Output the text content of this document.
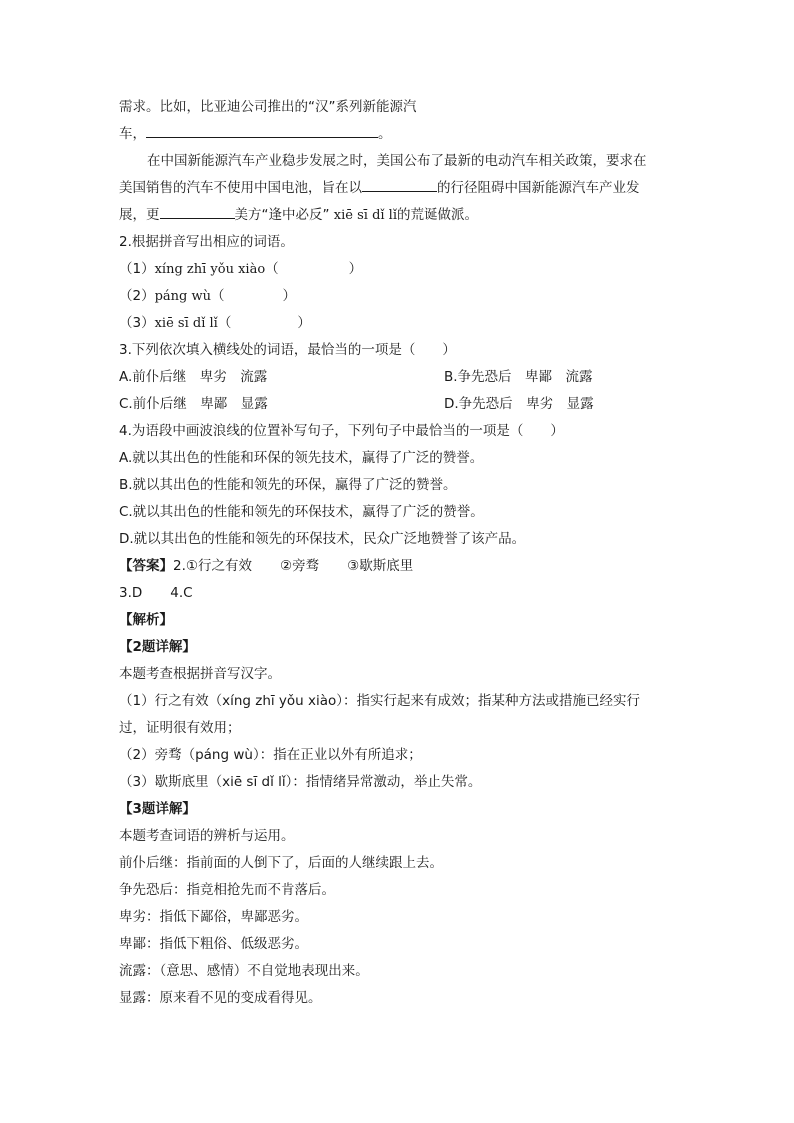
需求。比如，比亚迪公司推出的“汉”系列新能源汽
车，	。
在中国新能源汽车产业稳步发展之时，美国公布了最新的电动汽车相关政策，要求在
美国销售的汽车不使用中国电池，旨在以	的行径阻碍中国新能源汽车产业发
展，更	美方“逢中必反” xiē sī dǐ lǐ的荒诞做派。
2.根据拼音写出相应的词语。
（1）xíng zhī yǒu xiào（	）
（2）páng wù（	）
（3）xiē sī dǐ lǐ（	）
3.下列依次填入横线处的词语，最恰当的一项是（　　）
A.前仆后继　卑劣　流露	B.争先恐后　卑鄙　流露
C.前仆后继　卑鄙　显露	D.争先恐后　卑劣　显露
4.为语段中画波浪线的位置补写句子，下列句子中最恰当的一项是（　　）
A.就以其出色的性能和环保的领先技术，赢得了广泛的赞誉。
B.就以其出色的性能和领先的环保，赢得了广泛的赞誉。
C.就以其出色的性能和领先的环保技术，赢得了广泛的赞誉。
D.就以其出色的性能和领先的环保技术，民众广泛地赞誉了该产品。
【答案】2.①行之有效 ②旁骛 ③歇斯底里
3.D 4.C
【解析】
【2题详解】
本题考查根据拼音写汉字。
（1）行之有效（xíng zhī yǒu xiào）：指实行起来有成效；指某种方法或措施已经实行
过，证明很有效用；
（2）旁骛（páng wù）：指在正业以外有所追求；
（3）歇斯底里（xiē sī dǐ lǐ）：指情绪异常激动，举止失常。
【3题详解】
本题考查词语的辨析与运用。
前仆后继：指前面的人倒下了，后面的人继续跟上去。
争先恐后：指竞相抢先而不肯落后。
卑劣：指低下鄙俗，卑鄙恶劣。
卑鄙：指低下粗俗、低级恶劣。
流露：（意思、感情）不自觉地表现出来。
显露：原来看不见的变成看得见。
